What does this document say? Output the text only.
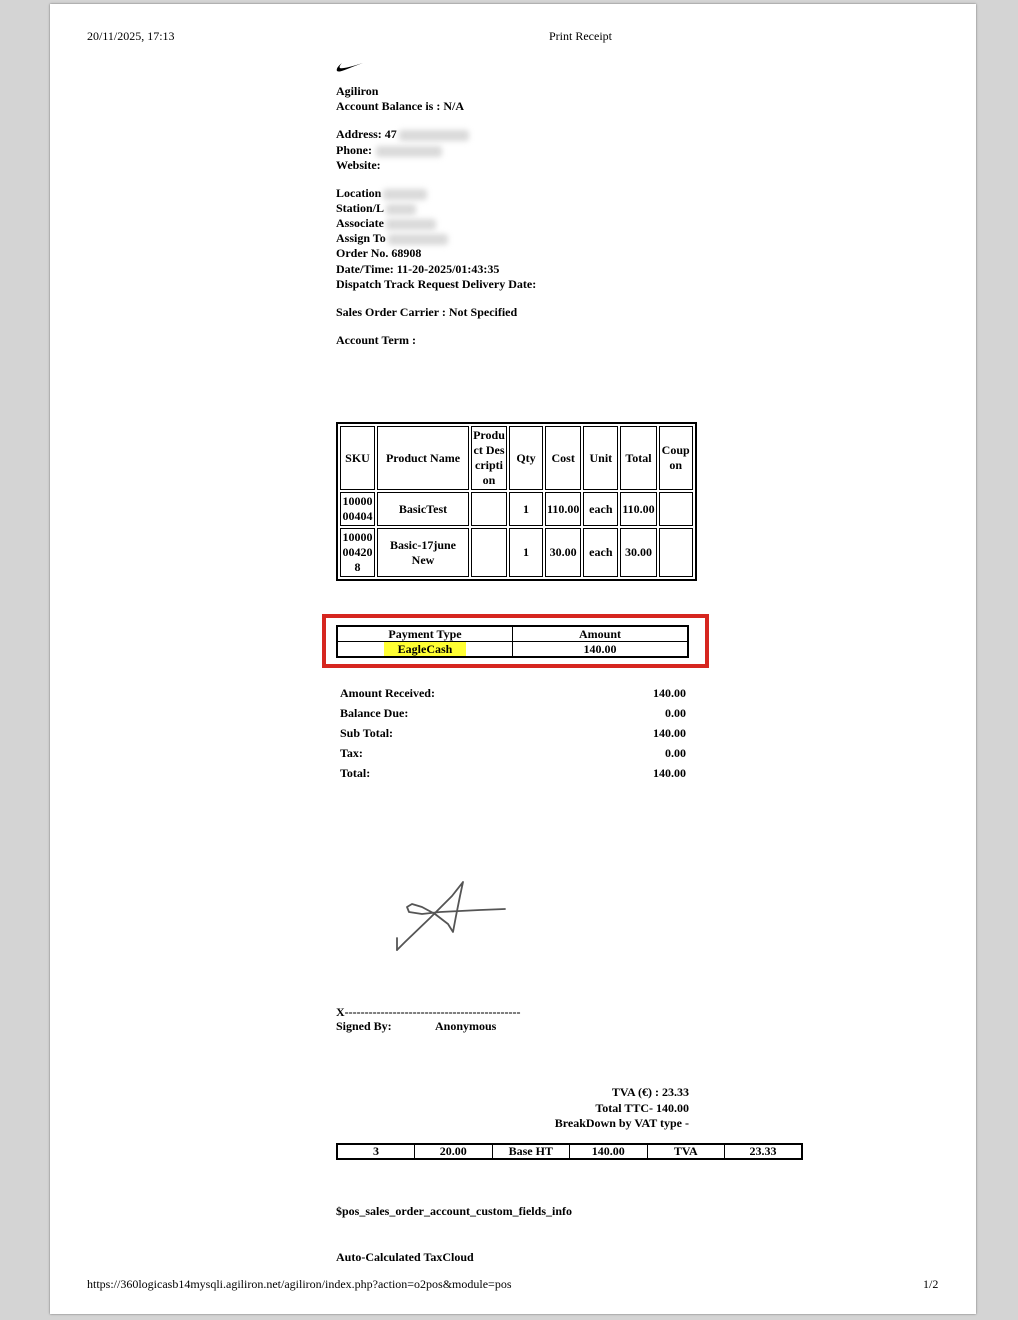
20/11/2025, 17:13	Print Receipt
Agiliron
Account Balance is : N/A
Address: 47
Phone:
Website:
Location
Station/L
Associate
Assign To
Order No. 68908
Date/Time: 11-20-2025/01:43:35
Dispatch Track Request Delivery Date:
Sales Order Carrier : Not Specified
Account Term :
SKU	Product Name	Product Description	Qty	Cost	Unit	Total	Coupon
1000000404	BasicTest		1	110.00	each	110.00	
1000000420 8	Basic-17june New		1	30.00	each	30.00	
Payment Type	Amount
EagleCash	140.00
Amount Received:	140.00
Balance Due:	0.00
Sub Total:	140.00
Tax:	0.00
Total:	140.00
X--------------------------------------------
Signed By:	Anonymous
TVA (€) : 23.33
Total TTC- 140.00
BreakDown by VAT type -
3	20.00	Base HT	140.00	TVA	23.33
$pos_sales_order_account_custom_fields_info
Auto-Calculated TaxCloud
https://360logicasb14mysqli.agiliron.net/agiliron/index.php?action=o2pos&module=pos	1/2
